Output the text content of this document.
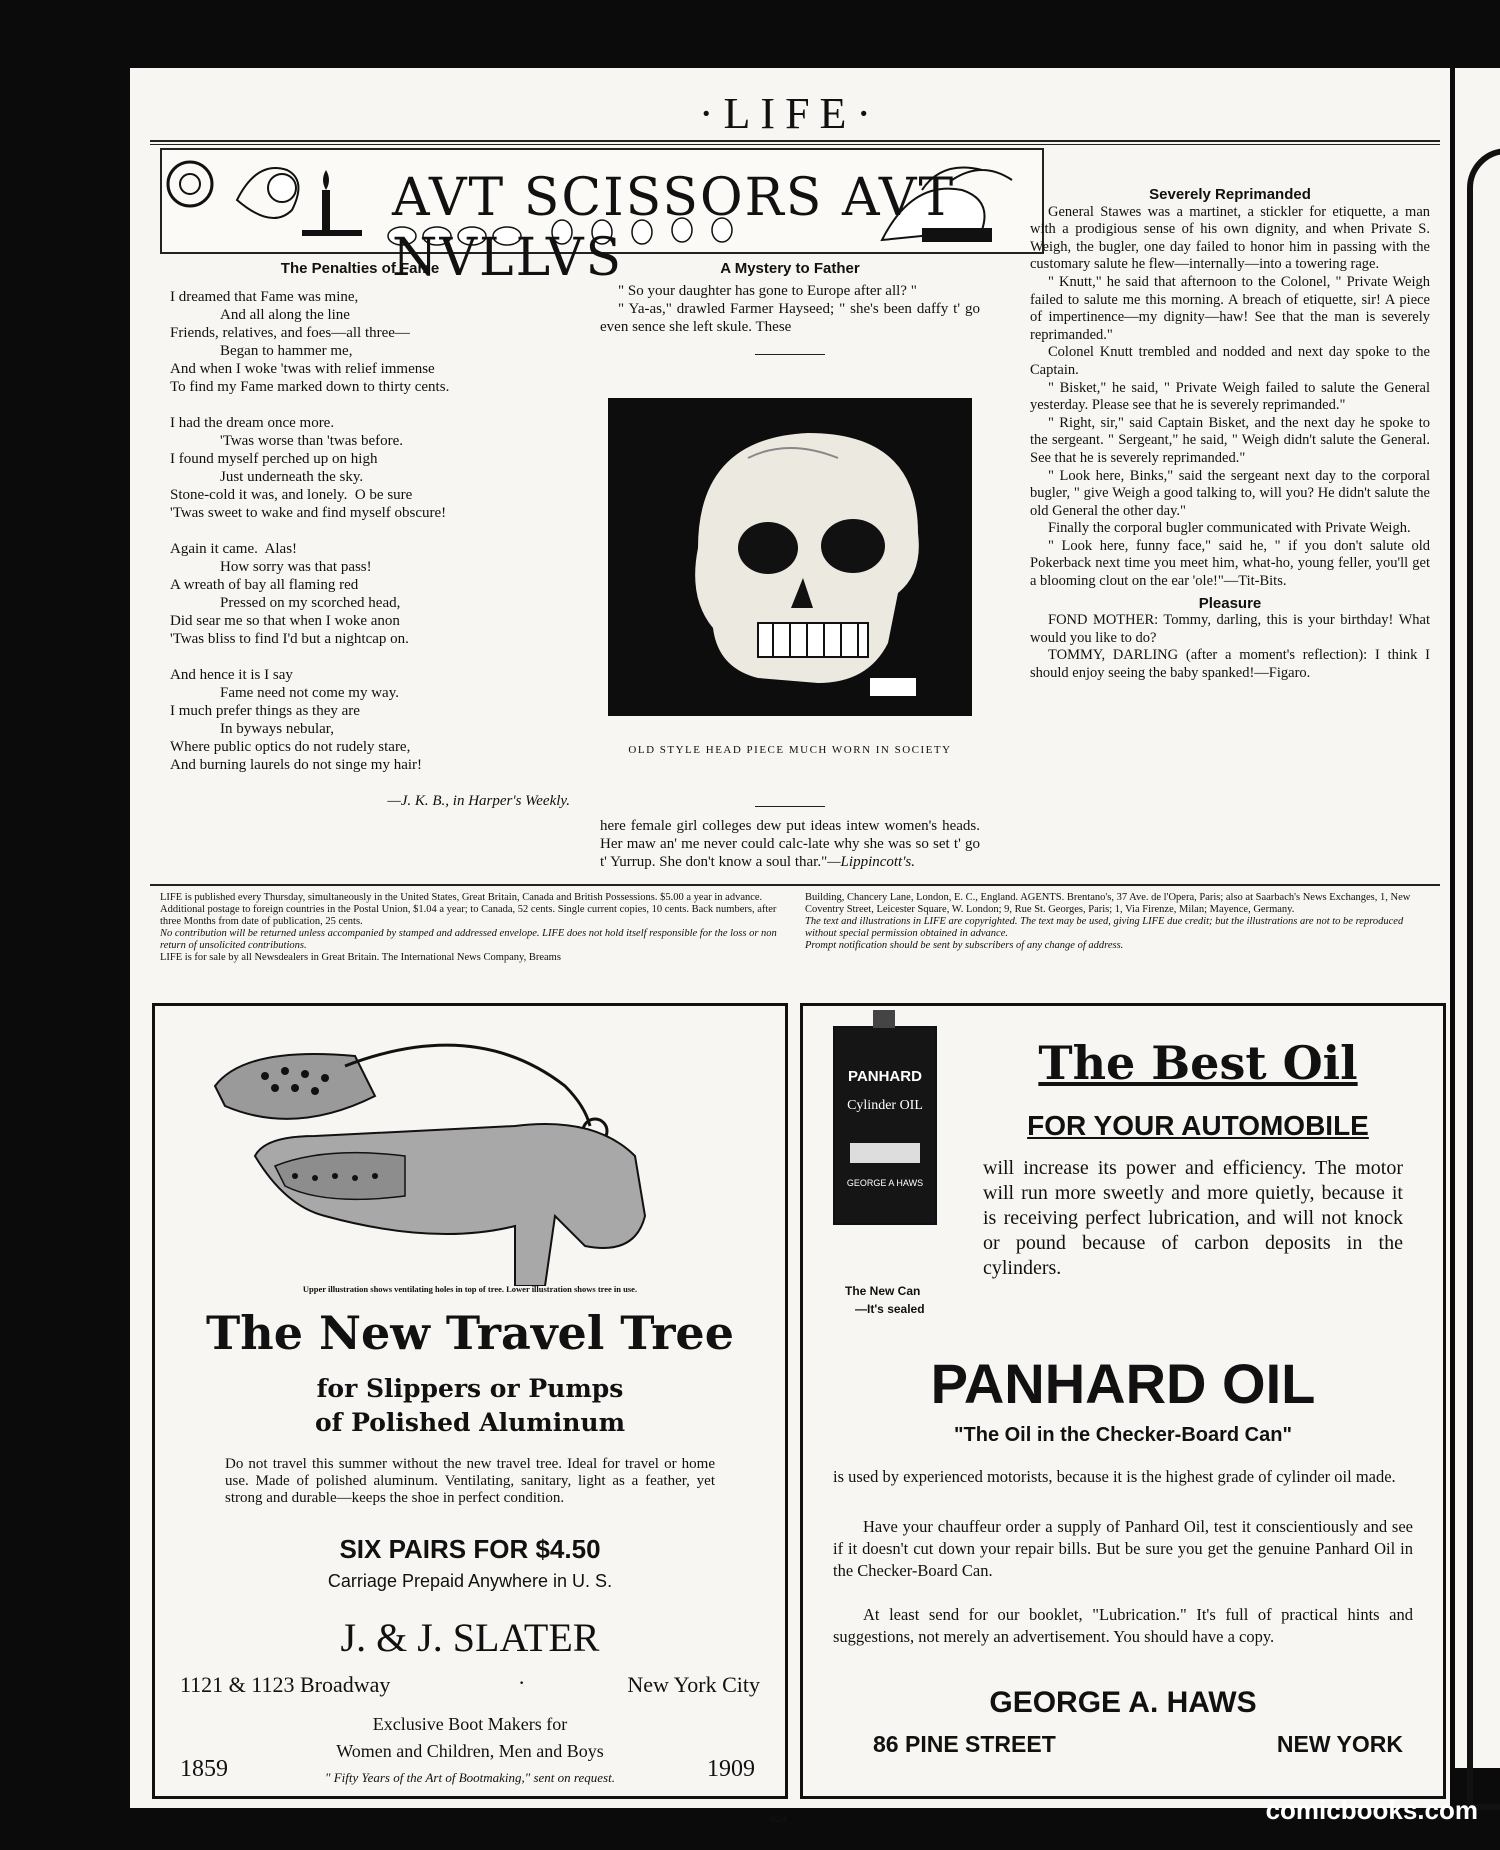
·LIFE·
AVT SCISSORS AVT NVLLVS
The Penalties of Fame
I dreamed that Fame was mine,
And all along the line
Friends, relatives, and foes—all three—
Began to hammer me,
And when I woke 'twas with relief immense
To find my Fame marked down to thirty cents.
I had the dream once more.
'Twas worse than 'twas before.
I found myself perched up on high
Just underneath the sky.
Stone-cold it was, and lonely.  O be sure
'Twas sweet to wake and find myself obscure!
Again it came.  Alas!
How sorry was that pass!
A wreath of bay all flaming red
Pressed on my scorched head,
Did sear me so that when I woke anon
'Twas bliss to find I'd but a nightcap on.
And hence it is I say
Fame need not come my way.
I much prefer things as they are
In byways nebular,
Where public optics do not rudely stare,
And burning laurels do not singe my hair!
—J. K. B., in Harper's Weekly.
A Mystery to Father

" So your daughter has gone to Europe after all? "

" Ya-as," drawled Farmer Hayseed; " she's been daffy t' go even sence she left skule. These

OLD STYLE HEAD PIECE MUCH WORN IN SOCIETY

here female girl colleges dew put ideas intew women's heads. Her maw an' me never could calc-late why she was so set t' go t' Yurrup. She don't know a soul thar."—Lippincott's.

Severely Reprimanded

General Stawes was a martinet, a stickler for etiquette, a man with a prodigious sense of his own dignity, and when Private S. Weigh, the bugler, one day failed to honor him in passing with the customary salute he flew—internally—into a towering rage.

" Knutt," he said that afternoon to the Colonel, " Private Weigh failed to salute me this morning. A breach of etiquette, sir! A piece of impertinence—my dignity—haw! See that the man is severely reprimanded."

Colonel Knutt trembled and nodded and next day spoke to the Captain.

" Bisket," he said, " Private Weigh failed to salute the General yesterday. Please see that he is severely reprimanded."

" Right, sir," said Captain Bisket, and the next day he spoke to the sergeant. " Sergeant," he said, " Weigh didn't salute the General. See that he is severely reprimanded."

" Look here, Binks," said the sergeant next day to the corporal bugler, " give Weigh a good talking to, will you? He didn't salute the old General the other day."

Finally the corporal bugler communicated with Private Weigh.

" Look here, funny face," said he, " if you don't salute old Pokerback next time you meet him, what-ho, young feller, you'll get a blooming clout on the ear 'ole!"—Tit-Bits.

Pleasure

FOND MOTHER: Tommy, darling, this is your birthday! What would you like to do?

TOMMY, DARLING (after a moment's reflection): I think I should enjoy seeing the baby spanked!—Figaro.

LIFE is published every Thursday, simultaneously in the United States, Great Britain, Canada and British Possessions. $5.00 a year in advance. Additional postage to foreign countries in the Postal Union, $1.04 a year; to Canada, 52 cents. Single current copies, 10 cents. Back numbers, after three Months from date of publication, 25 cents.
No contribution will be returned unless accompanied by stamped and addressed envelope. LIFE does not hold itself responsible for the loss or non return of unsolicited contributions.
LIFE is for sale by all Newsdealers in Great Britain. The International News Company, Breams
Building, Chancery Lane, London, E. C., England. AGENTS. Brentano's, 37 Ave. de l'Opera, Paris; also at Saarbach's News Exchanges, 1, New Coventry Street, Leicester Square, W. London; 9, Rue St. Georges, Paris; 1, Via Firenze, Milan; Mayence, Germany.
The text and illustrations in LIFE are copyrighted. The text may be used, giving LIFE due credit; but the illustrations are not to be reproduced without special permission obtained in advance.
Prompt notification should be sent by subscribers of any change of address.
Upper illustration shows ventilating holes in top of tree. Lower illustration shows tree in use.
The New Travel Tree
for Slippers or Pumps
of Polished Aluminum
Do not travel this summer without the new travel tree. Ideal for travel or home use. Made of polished aluminum. Ventilating, sanitary, light as a feather, yet strong and durable—keeps the shoe in perfect condition.
SIX PAIRS FOR $4.50
Carriage Prepaid Anywhere in U. S.
J. & J. SLATER
1121 & 1123 Broadway	·	New York City
Exclusive Boot Makers for
Women and Children, Men and Boys
1859	1909
" Fifty Years of the Art of Bootmaking," sent on request.
PANHARD
Cylinder OIL
GEORGE A HAWS
The New Can
—It's sealed
The Best Oil
FOR YOUR AUTOMOBILE
will increase its power and efficiency. The motor will run more sweetly and more quietly, because it is receiving perfect lubrication, and will not knock or pound because of carbon deposits in the cylinders.
PANHARD OIL
"The Oil in the Checker-Board Can"
is used by experienced motorists, because it is the highest grade of cylinder oil made.
Have your chauffeur order a supply of Panhard Oil, test it conscientiously and see if it doesn't cut down your repair bills. But be sure you get the genuine Panhard Oil in the Checker-Board Can.
At least send for our booklet, "Lubrication." It's full of practical hints and suggestions, not merely an advertisement. You should have a copy.
GEORGE A. HAWS
86 PINE STREET	NEW YORK
824	comicbooks.com
